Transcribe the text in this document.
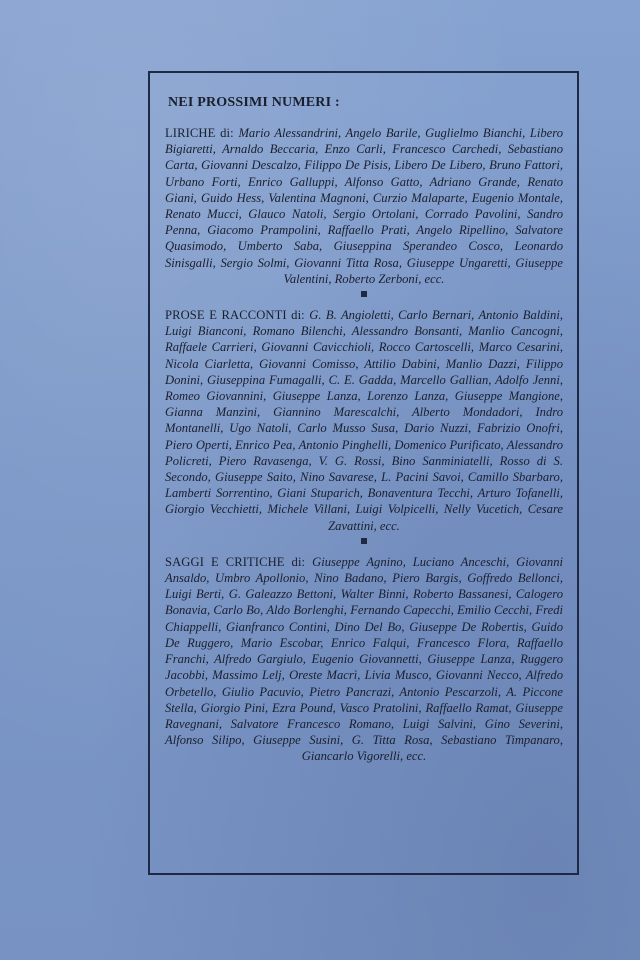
NEI PROSSIMI NUMERI :
LIRICHE di: Mario Alessandrini, Angelo Barile, Guglielmo Bianchi, Libero Bigiaretti, Arnaldo Beccaria, Enzo Carli, Francesco Carchedi, Sebastiano Carta, Giovanni Descalzo, Filippo De Pisis, Libero De Libero, Bruno Fattori, Urbano Forti, Enrico Galluppi, Alfonso Gatto, Adriano Grande, Renato Giani, Guido Hess, Valentina Magnoni, Curzio Malaparte, Eugenio Montale, Renato Mucci, Glauco Natoli, Sergio Ortolani, Corrado Pavolini, Sandro Penna, Giacomo Prampolini, Raffaello Prati, Angelo Ripellino, Salvatore Quasimodo, Umberto Saba, Giuseppina Sperandeo Cosco, Leonardo Sinisgalli, Sergio Solmi, Giovanni Titta Rosa, Giuseppe Ungaretti, Giuseppe Valentini, Roberto Zerboni, ecc.
PROSE E RACCONTI di: G. B. Angioletti, Carlo Bernari, Antonio Baldini, Luigi Bianconi, Romano Bilenchi, Alessandro Bonsanti, Manlio Cancogni, Raffaele Carrieri, Giovanni Cavicchioli, Rocco Cartoscelli, Marco Cesarini, Nicola Ciarletta, Giovanni Comisso, Attilio Dabini, Manlio Dazzi, Filippo Donini, Giuseppina Fumagalli, C. E. Gadda, Marcello Gallian, Adolfo Jenni, Romeo Giovannini, Giuseppe Lanza, Lorenzo Lanza, Giuseppe Mangione, Gianna Manzini, Giannino Marescalchi, Alberto Mondadori, Indro Montanelli, Ugo Natoli, Carlo Musso Susa, Dario Nuzzi, Fabrizio Onofri, Piero Operti, Enrico Pea, Antonio Pinghelli, Domenico Purificato, Alessandro Policreti, Piero Ravasenga, V. G. Rossi, Bino Sanminiatelli, Rosso di S. Secondo, Giuseppe Saito, Nino Savarese, L. Pacini Savoi, Camillo Sbarbaro, Lamberti Sorrentino, Giani Stuparich, Bonaventura Tecchi, Arturo Tofanelli, Giorgio Vecchietti, Michele Villani, Luigi Volpicelli, Nelly Vucetich, Cesare Zavattini, ecc.
SAGGI E CRITICHE di: Giuseppe Agnino, Luciano Anceschi, Giovanni Ansaldo, Umbro Apollonio, Nino Badano, Piero Bargis, Goffredo Bellonci, Luigi Berti, G. Galeazzo Bettoni, Walter Binni, Roberto Bassanesi, Calogero Bonavia, Carlo Bo, Aldo Borlenghi, Fernando Capecchi, Emilio Cecchi, Fredi Chiappelli, Gianfranco Contini, Dino Del Bo, Giuseppe De Robertis, Guido De Ruggero, Mario Escobar, Enrico Falqui, Francesco Flora, Raffaello Franchi, Alfredo Gargiulo, Eugenio Giovannetti, Giuseppe Lanza, Ruggero Jacobbi, Massimo Lelj, Oreste Macrì, Livia Musco, Giovanni Necco, Alfredo Orbetello, Giulio Pacuvio, Pietro Pancrazi, Antonio Pescarzoli, A. Piccone Stella, Giorgio Pini, Ezra Pound, Vasco Pratolini, Raffaello Ramat, Giuseppe Ravegnani, Salvatore Francesco Romano, Luigi Salvini, Gino Severini, Alfonso Silipo, Giuseppe Susini, G. Titta Rosa, Sebastiano Timpanaro, Giancarlo Vigorelli, ecc.
